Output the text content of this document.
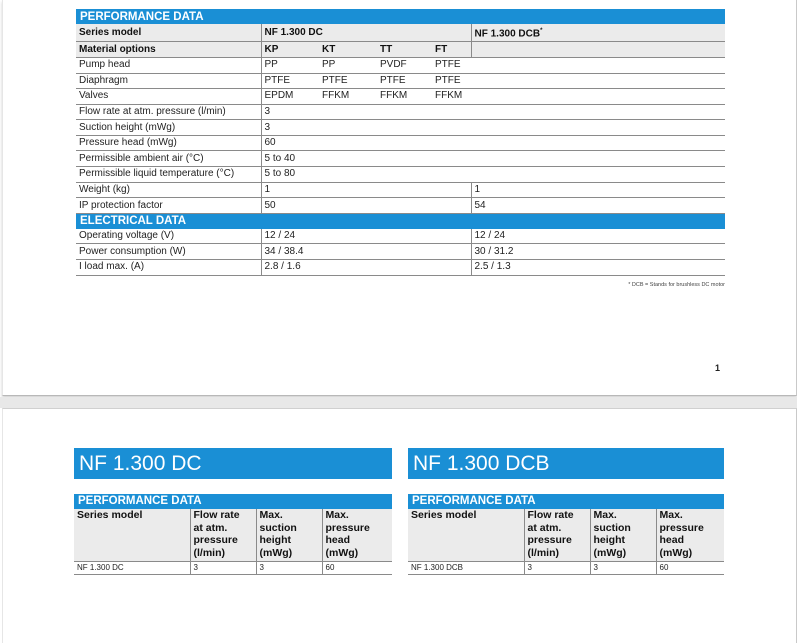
PERFORMANCE DATA					
Series model	NF 1.300 DC				NF 1.300 DCB*
Material options	KP	KT	TT	FT	
Pump head	PP	PP	PVDF	PTFE	
Diaphragm	PTFE	PTFE	PTFE	PTFE	
Valves	EPDM	FFKM	FFKM	FFKM	
Flow rate at atm. pressure (l/min)	3				
Suction height (mWg)	3				
Pressure head (mWg)	60				
Permissible ambient air (°C)	5 to 40				
Permissible liquid temperature (°C)	5 to 80				
Weight (kg)	1				1
IP protection factor	50				54
ELECTRICAL DATA					
Operating voltage (V)	12 / 24				12 / 24
Power consumption (W)	34 / 38.4				30 / 31.2
I load max. (A)	2.8 / 1.6				2.5 / 1.3
* DCB = Stands for brushless DC motor
1
NF 1.300 DC	NF 1.300 DCB
PERFORMANCE DATA			
Series model	Flow rate
at atm.
pressure
(l/min)	Max.
suction
height
(mWg)	Max.
pressure
head
(mWg)
NF 1.300 DC	3	3	60
PERFORMANCE DATA			
Series model	Flow rate
at atm.
pressure
(l/min)	Max.
suction
height
(mWg)	Max.
pressure
head
(mWg)
NF 1.300 DCB	3	3	60
